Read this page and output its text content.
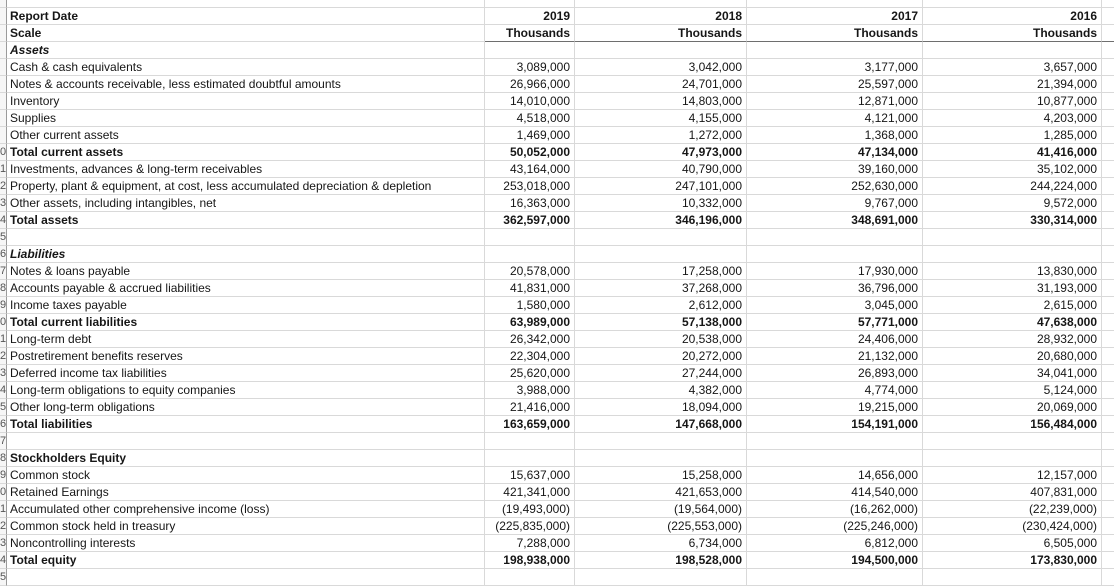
Report Date	2019	2018	2017	2016
Scale	Thousands	Thousands	Thousands	Thousands
Assets
Cash & cash equivalents	3,089,000	3,042,000	3,177,000	3,657,000
Notes & accounts receivable, less estimated doubtful amounts	26,966,000	24,701,000	25,597,000	21,394,000
Inventory	14,010,000	14,803,000	12,871,000	10,877,000
Supplies	4,518,000	4,155,000	4,121,000	4,203,000
Other current assets	1,469,000	1,272,000	1,368,000	1,285,000
0 Total current assets	50,052,000	47,973,000	47,134,000	41,416,000
1 Investments, advances & long-term receivables	43,164,000	40,790,000	39,160,000	35,102,000
2 Property, plant & equipment, at cost, less accumulated depreciation & depletion	253,018,000	247,101,000	252,630,000	244,224,000
3 Other assets, including intangibles, net	16,363,000	10,332,000	9,767,000	9,572,000
4 Total assets	362,597,000	346,196,000	348,691,000	330,314,000
5
6 Liabilities
7 Notes & loans payable	20,578,000	17,258,000	17,930,000	13,830,000
8 Accounts payable & accrued liabilities	41,831,000	37,268,000	36,796,000	31,193,000
9 Income taxes payable	1,580,000	2,612,000	3,045,000	2,615,000
0 Total current liabilities	63,989,000	57,138,000	57,771,000	47,638,000
1 Long-term debt	26,342,000	20,538,000	24,406,000	28,932,000
2 Postretirement benefits reserves	22,304,000	20,272,000	21,132,000	20,680,000
3 Deferred income tax liabilities	25,620,000	27,244,000	26,893,000	34,041,000
4 Long-term obligations to equity companies	3,988,000	4,382,000	4,774,000	5,124,000
5 Other long-term obligations	21,416,000	18,094,000	19,215,000	20,069,000
6 Total liabilities	163,659,000	147,668,000	154,191,000	156,484,000
7
8 Stockholders Equity
9 Common stock	15,637,000	15,258,000	14,656,000	12,157,000
0 Retained Earnings	421,341,000	421,653,000	414,540,000	407,831,000
1 Accumulated other comprehensive income (loss)	(19,493,000)	(19,564,000)	(16,262,000)	(22,239,000)
2 Common stock held in treasury	(225,835,000)	(225,553,000)	(225,246,000)	(230,424,000)
3 Noncontrolling interests	7,288,000	6,734,000	6,812,000	6,505,000
4 Total equity	198,938,000	198,528,000	194,500,000	173,830,000
5
